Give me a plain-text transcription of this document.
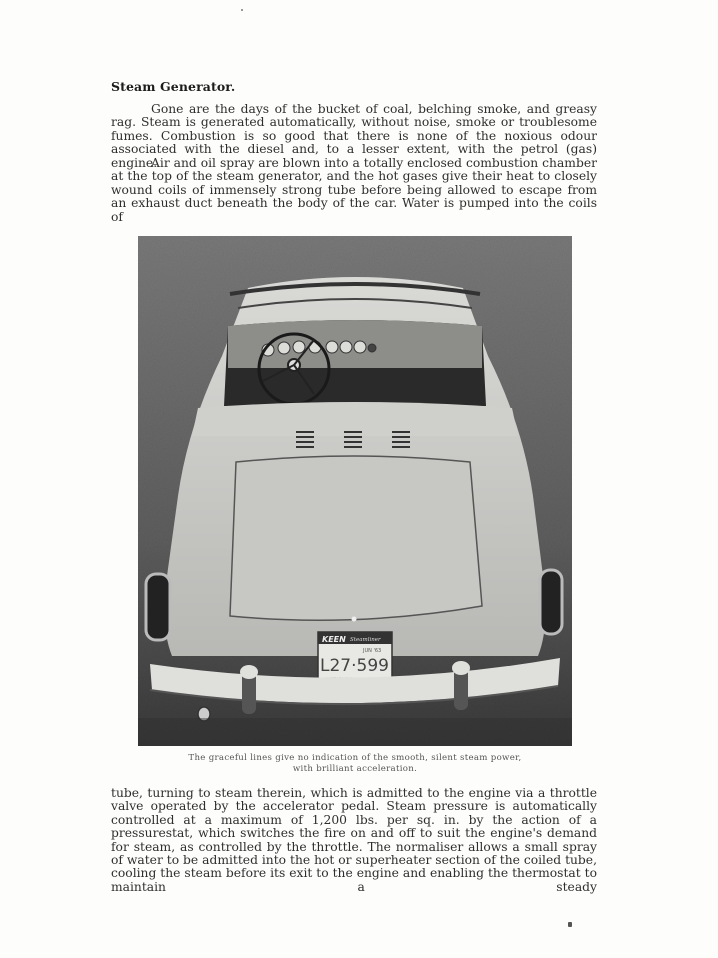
Steam Generator.
Gone are the days of the bucket of coal, belching smoke, and greasy rag. Steam is generated automatically, without noise, smoke or troublesome fumes. Combustion is so good that there is none of the noxious odour associated with the diesel and, to a lesser extent, with the petrol (gas) engine.
Air and oil spray are blown into a totally enclosed combustion chamber at the top of the steam generator, and the hot gases give their heat to closely wound coils of immensely strong tube before being allowed to escape from an exhaust duct beneath the body of the car. Water is pumped into the coils of
KEEN Steamliner
JUN '63
L27·599
The graceful lines give no indication of the smooth, silent steam power,
with brilliant acceleration.
tube, turning to steam therein, which is admitted to the engine via a throttle valve operated by the accelerator pedal. Steam pressure is automatically controlled at a maximum of 1,200 lbs. per sq. in. by the action of a pressurestat, which switches the fire on and off to suit the engine's demand for steam, as controlled by the throttle. The normaliser allows a small spray of water to be admitted into the hot or superheater section of the coiled tube, cooling the steam before its exit to the engine and enabling the thermostat to maintain a steady
